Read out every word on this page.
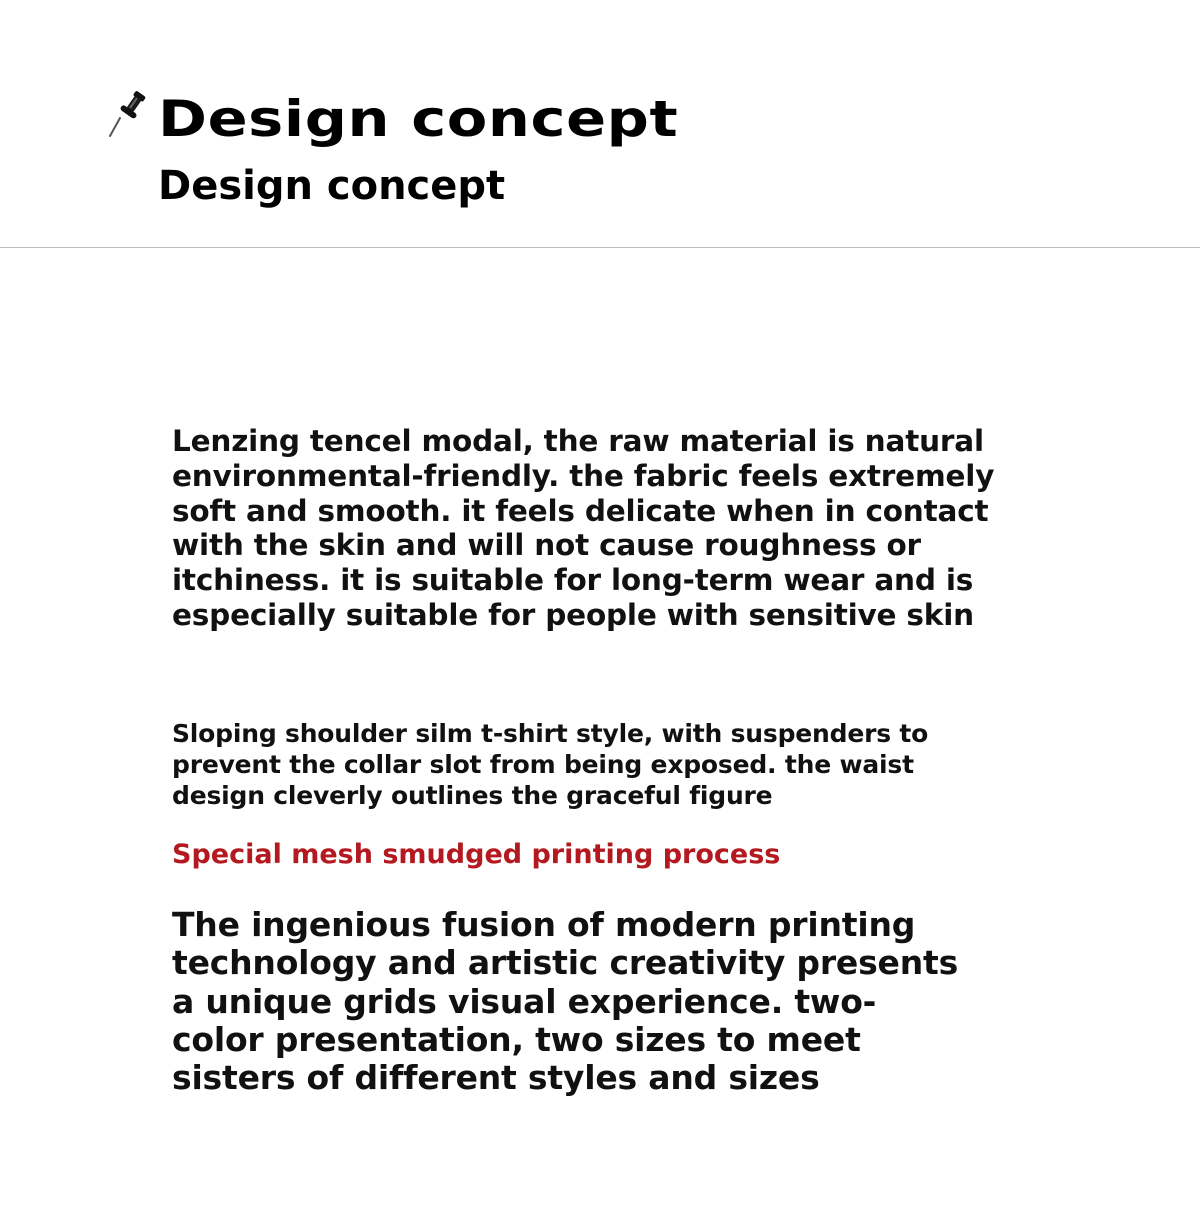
Design concept
Design concept

Lenzing tencel modal, the raw material is natural environmental-friendly. the fabric feels extremely soft and smooth. it feels delicate when in contact with the skin and will not cause roughness or itchiness. it is suitable for long-term wear and is especially suitable for people with sensitive skin

Sloping shoulder silm t-shirt style, with suspenders to prevent the collar slot from being exposed. the waist design cleverly outlines the graceful figure

Special mesh smudged printing process

The ingenious fusion of modern printing technology and artistic creativity presents a unique grids visual experience. two-color presentation, two sizes to meet sisters of different styles and sizes
